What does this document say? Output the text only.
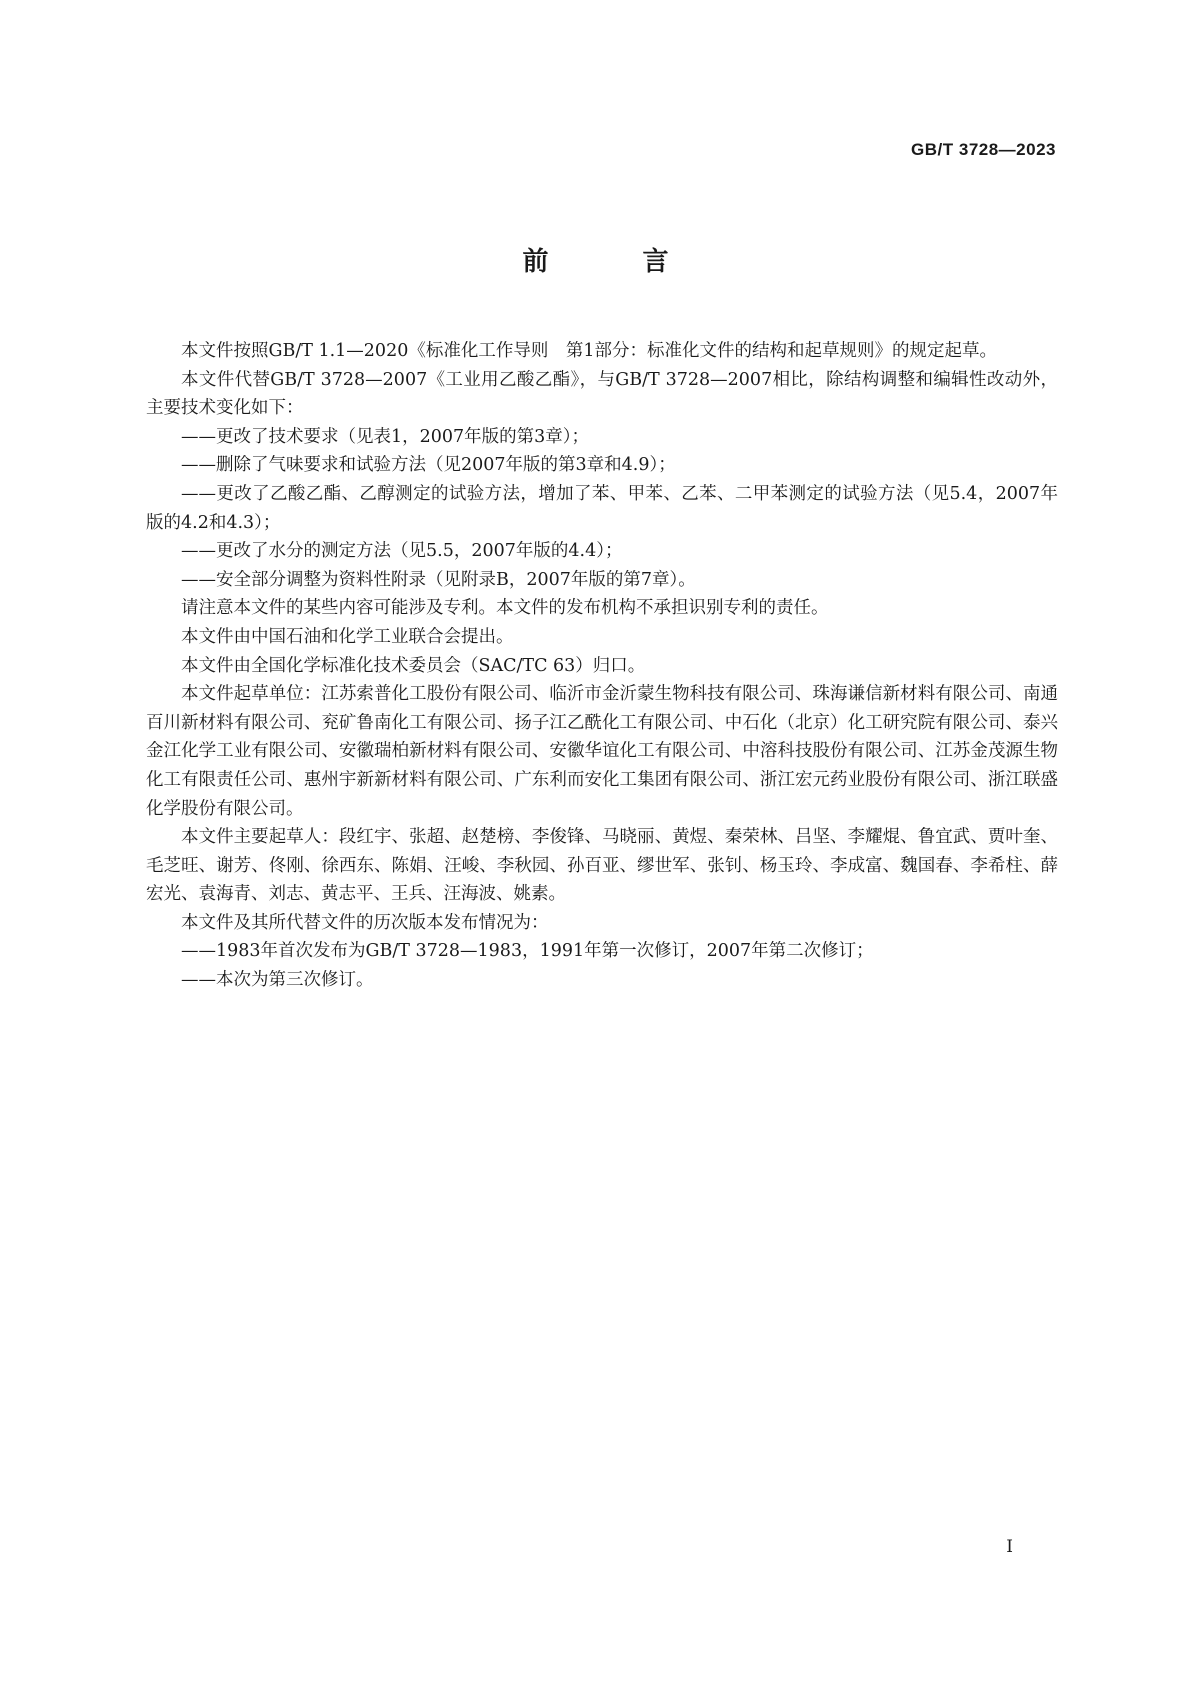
GB/T 3728—2023
前　言

本文件按照GB/T 1.1—2020《标准化工作导则　第1部分：标准化文件的结构和起草规则》的规定起草。

本文件代替GB/T 3728—2007《工业用乙酸乙酯》，与GB/T 3728—2007相比，除结构调整和编辑性改动外，主要技术变化如下：

——更改了技术要求（见表1，2007年版的第3章）；

——删除了气味要求和试验方法（见2007年版的第3章和4.9）；

——更改了乙酸乙酯、乙醇测定的试验方法，增加了苯、甲苯、乙苯、二甲苯测定的试验方法（见5.4，2007年版的4.2和4.3）；

——更改了水分的测定方法（见5.5，2007年版的4.4）；

——安全部分调整为资料性附录（见附录B，2007年版的第7章）。

请注意本文件的某些内容可能涉及专利。本文件的发布机构不承担识别专利的责任。

本文件由中国石油和化学工业联合会提出。

本文件由全国化学标准化技术委员会（SAC/TC 63）归口。

本文件起草单位：江苏索普化工股份有限公司、临沂市金沂蒙生物科技有限公司、珠海谦信新材料有限公司、南通百川新材料有限公司、兖矿鲁南化工有限公司、扬子江乙酰化工有限公司、中石化（北京）化工研究院有限公司、泰兴金江化学工业有限公司、安徽瑞柏新材料有限公司、安徽华谊化工有限公司、中溶科技股份有限公司、江苏金茂源生物化工有限责任公司、惠州宇新新材料有限公司、广东利而安化工集团有限公司、浙江宏元药业股份有限公司、浙江联盛化学股份有限公司。

本文件主要起草人：段红宇、张超、赵楚榜、李俊锋、马晓丽、黄煜、秦荣林、吕坚、李耀焜、鲁宜武、贾叶奎、毛芝旺、谢芳、佟刚、徐西东、陈娟、汪峻、李秋园、孙百亚、缪世军、张钊、杨玉玲、李成富、魏国春、李希柱、薛宏光、袁海青、刘志、黄志平、王兵、汪海波、姚素。

本文件及其所代替文件的历次版本发布情况为：

——1983年首次发布为GB/T 3728—1983，1991年第一次修订，2007年第二次修订；

——本次为第三次修订。

I
